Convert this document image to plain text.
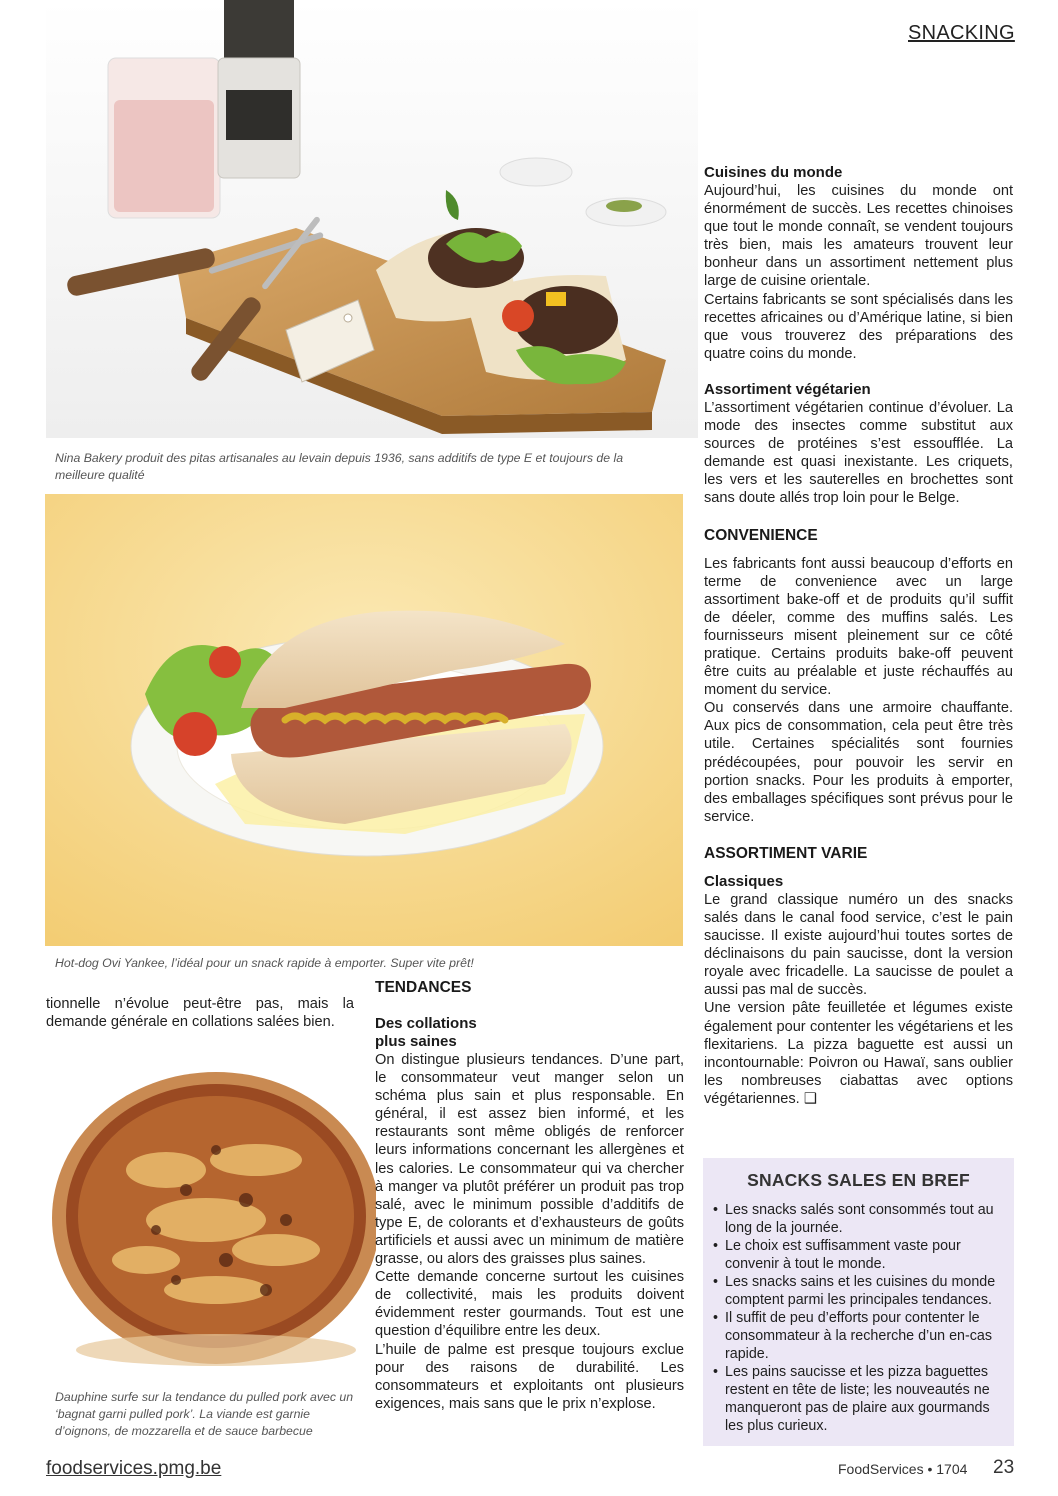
SNACKING
Nina Bakery produit des pitas artisanales au levain depuis 1936, sans additifs de type E et toujours de la meilleure qualité
Hot-dog Ovi Yankee, l’idéal pour un snack rapide à emporter. Super vite prêt!

tionnelle n’évolue peut-être pas, mais la demande générale en collations salées bien.

Dauphine surfe sur la tendance du pulled pork avec un ‘bagnat garni pulled pork’. La viande est garnie d’oignons, de mozzarella et de sauce barbecue
TENDANCES
Des collations plus saines

On distingue plusieurs tendances. D’une part, le consommateur veut manger selon un schéma plus sain et plus responsable. En général, il est assez bien informé, et les restaurants sont même obligés de renforcer leurs informations concernant les allergènes et les calories. Le consommateur qui va chercher à manger va plutôt préférer un produit pas trop salé, avec le minimum possible d’additifs de type E, de colorants et d’exhausteurs de goûts artificiels et aussi avec un minimum de matière grasse, ou alors des graisses plus saines.

Cette demande concerne surtout les cuisines de collectivité, mais les produits doivent évidemment rester gourmands. Tout est une question d’équilibre entre les deux.

L’huile de palme est presque toujours exclue pour des raisons de durabilité. Les consommateurs et exploitants ont plusieurs exigences, mais sans que le prix n’explose.

Cuisines du monde

Aujourd’hui, les cuisines du monde ont énormément de succès. Les recettes chinoises que tout le monde connaît, se vendent toujours très bien, mais les amateurs trouvent leur bonheur dans un assortiment nettement plus large de cuisine orientale.

Certains fabricants se sont spécialisés dans les recettes africaines ou d’Amérique latine, si bien que vous trouverez des préparations des quatre coins du monde.

Assortiment végétarien

L’assortiment végétarien continue d’évoluer. La mode des insectes comme substitut aux sources de protéines s’est essoufflée. La demande est quasi inexistante. Les criquets, les vers et les sauterelles en brochettes sont sans doute allés trop loin pour le Belge.

CONVENIENCE

Les fabricants font aussi beaucoup d’efforts en terme de convenience avec un large assortiment bake-off et de produits qu’il suffit de déeler, comme des muffins salés. Les fournisseurs misent pleinement sur ce côté pratique. Certains produits bake-off peuvent être cuits au préalable et juste réchauffés au moment du service.

Ou conservés dans une armoire chauffante. Aux pics de consommation, cela peut être très utile. Certaines spécialités sont fournies prédécoupées, pour pouvoir les servir en portion snacks. Pour les produits à emporter, des emballages spécifiques sont prévus pour le service.

ASSORTIMENT VARIE
Classiques

Le grand classique numéro un des snacks salés dans le canal food service, c’est le pain saucisse. Il existe aujourd’hui toutes sortes de déclinaisons du pain saucisse, dont la version royale avec fricadelle. La saucisse de poulet a aussi pas mal de succès.

Une version pâte feuilletée et légumes existe également pour contenter les végétariens et les flexitariens. La pizza baguette est aussi un incontournable: Poivron ou Hawaï, sans oublier les nombreuses ciabattas avec options végétariennes. ❑

SNACKS SALES EN BREF
• Les snacks salés sont consommés tout au long de la journée.
• Le choix est suffisamment vaste pour convenir à tout le monde.
• Les snacks sains et les cuisines du monde comptent parmi les principales tendances.
• Il suffit de peu d’efforts pour contenter le consommateur à la recherche d’un en-cas rapide.
• Les pains saucisse et les pizza baguettes restent en tête de liste; les nouveautés ne manqueront pas de plaire aux gourmands les plus curieux.
foodservices.pmg.be	FoodServices • 1704 23
